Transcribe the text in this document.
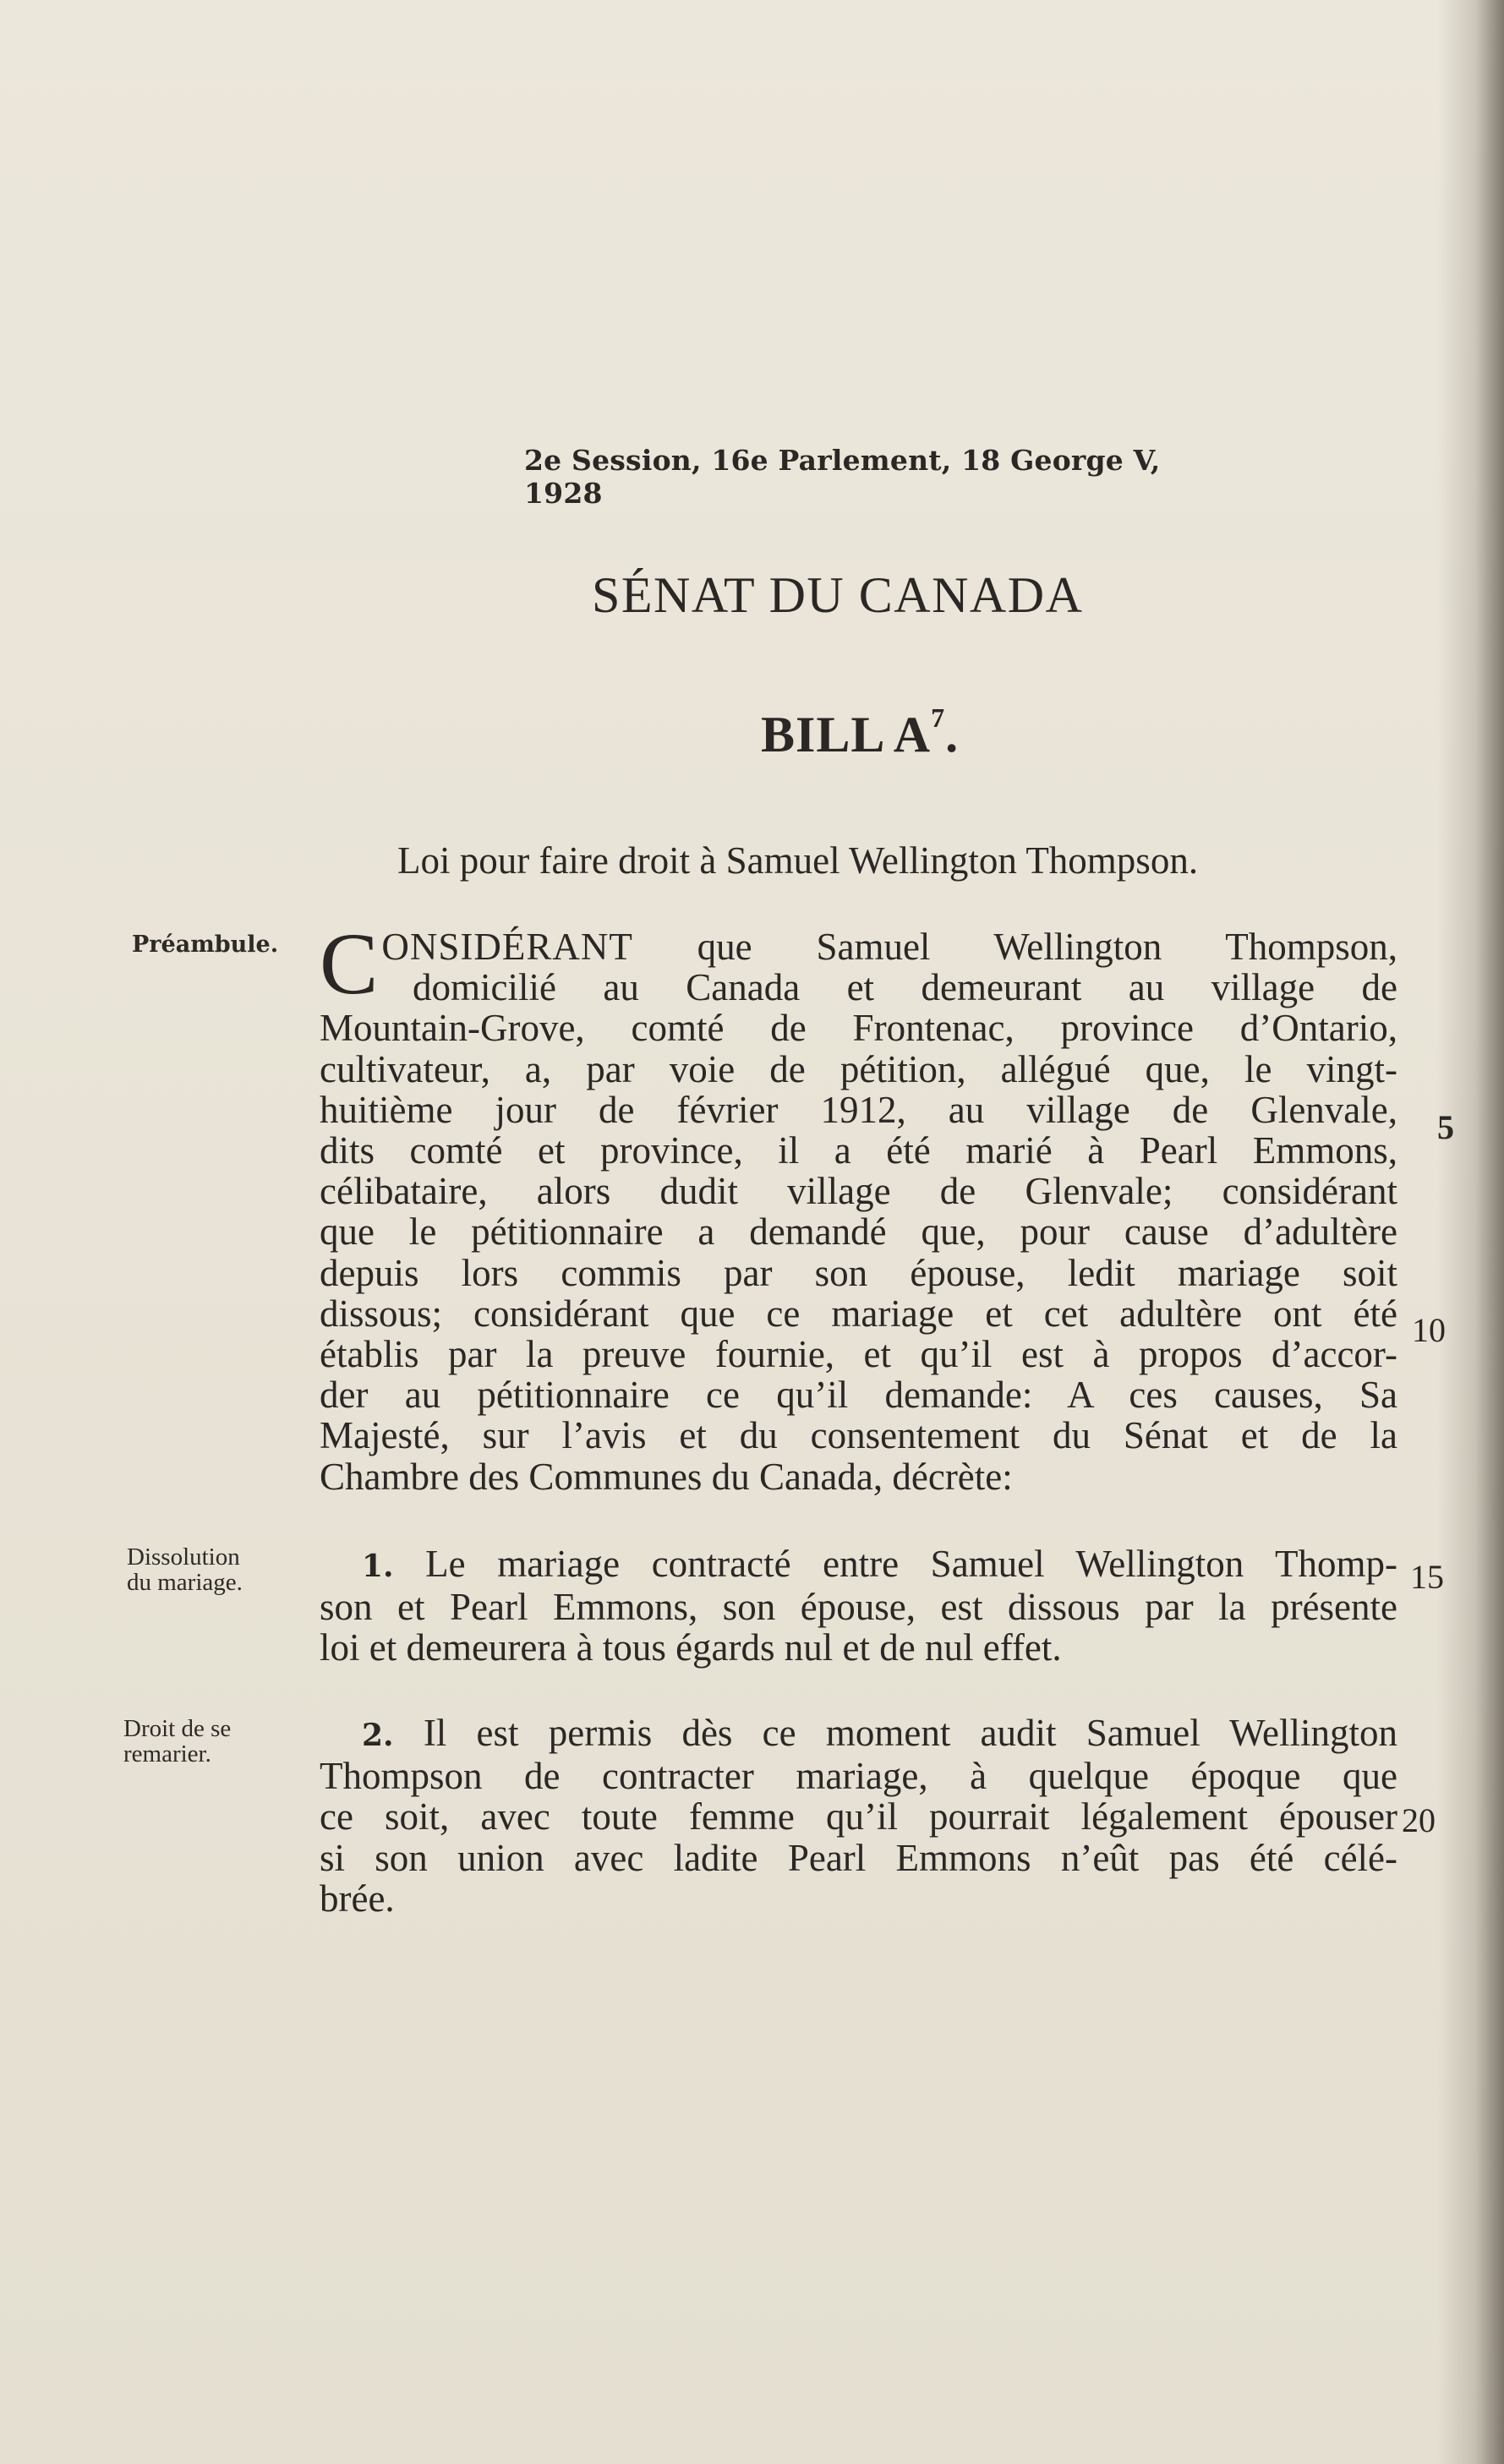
2e Session, 16e Parlement, 18 George V, 1928
SÉNAT DU CANADA
BILL $A^7$.
Loi pour faire droit à Samuel Wellington Thompson.
Préambule.
Dissolution
du mariage.
Droit de se
remarier.
C ONSIDÉRANT que Samuel Wellington Thompson,
domicilié au Canada et demeurant au village de
Mountain-Grove, comté de Frontenac, province d’Ontario,
cultivateur, a, par voie de pétition, allégué que, le vingt-
huitième jour de février 1912, au village de Glenvale,
dits comté et province, il a été marié à Pearl Emmons,
célibataire, alors dudit village de Glenvale; considérant
que le pétitionnaire a demandé que, pour cause d’adultère
depuis lors commis par son épouse, ledit mariage soit
dissous; considérant que ce mariage et cet adultère ont été
établis par la preuve fournie, et qu’il est à propos d’accor-
der au pétitionnaire ce qu’il demande: A ces causes, Sa
Majesté, sur l’avis et du consentement du Sénat et de la
Chambre des Communes du Canada, décrète:
1. Le mariage contracté entre Samuel Wellington Thomp-
son et Pearl Emmons, son épouse, est dissous par la présente
loi et demeurera à tous égards nul et de nul effet.
2. Il est permis dès ce moment audit Samuel Wellington
Thompson de contracter mariage, à quelque époque que
ce soit, avec toute femme qu’il pourrait légalement épouser
si son union avec ladite Pearl Emmons n’eût pas été célé-
brée.
5
10
15
20
